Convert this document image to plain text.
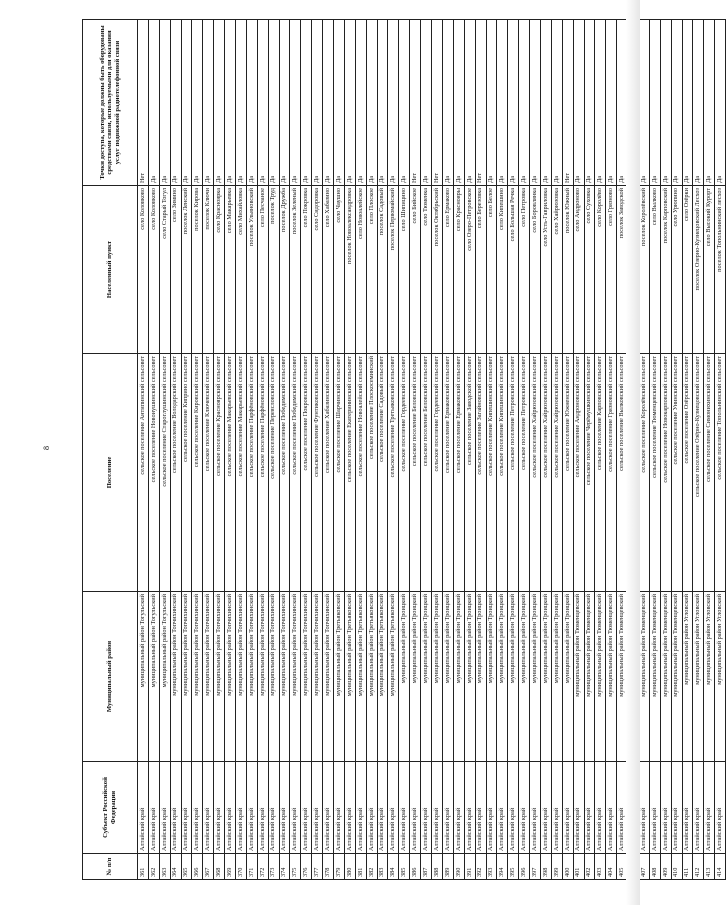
8
№ п/п	Субъект Российской Федерации	Муниципальный район	Поселение	Населенный пункт	Точки доступа, которые должны быть оборудованы средствами связи, используемыми для оказания услуг подвижной радиотелефонной связи
361	Алтайский край	муниципальный район Тогульский	сельское поселение Антипинский сельсовет	село Коловково	Нет
362	Алтайский край	муниципальный район Тогульский	сельское поселение Новоиушинский сельсовет	село Коловково	Да
363	Алтайский край	муниципальный район Тогульский	сельское поселение Староглушинский сельсовет	село Старый Тогул	Да
364	Алтайский край	муниципальный район Топчихинский	сельское поселение Володарский сельсовет	село Зимино	Да
365	Алтайский край	муниципальный район Топчихинский	сельское поселение Киприно сельсовет	поселок Ленский	Да
366	Алтайский край	муниципальный район Топчихинский	сельское поселение Кировский сельсовет	поселок Кирова	Да
367	Алтайский край	муниципальный район Топчихинский	сельское поселение Ключевский сельсовет	поселок Ключи	Да
368	Алтайский край	муниципальный район Топчихинский	сельское поселение Красноярский сельсовет	село Красноярка	Да
369	Алтайский край	муниципальный район Топчихинский	сельское поселение Макарьевский сельсовет	село Макарьевка	Да
370	Алтайский край	муниципальный район Топчихинский	сельское поселение Макарьевский сельсовет	село Михайловка	Да
371	Алтайский край	муниципальный район Топчихинский	сельское поселение Парфёновский сельсовет	поселок Ульяновский	Да
372	Алтайский край	муниципальный район Топчихинский	сельское поселение Парфёновский сельсовет	село Песчаное	Да
373	Алтайский край	муниципальный район Топчихинский	сельское поселение Переясловский сельсовет	поселок Труд	Да
374	Алтайский край	муниципальный район Топчихинский	сельское поселение Победимский сельсовет	поселок Дружба	Да
375	Алтайский край	муниципальный район Топчихинский	сельское поселение Победимский сельсовет	поселок Зеленый	Да
376	Алтайский край	муниципальный район Топчихинский	сельское поселение Покровский сельсовет	село Покровка	Да
377	Алтайский край	муниципальный район Топчихинский	сельское поселение Фунтиковский сельсовет	село Сидоровка	Да
378	Алтайский край	муниципальный район Топчихинский	сельское поселение Хабазинский сельсовет	село Хабазино	Да
379	Алтайский край	муниципальный район Третьяковский	сельское поселение Шарчинский сельсовет	село Чаушно	Да
380	Алтайский край	муниципальный район Третьяковский	сельское поселение Екатерининский сельсовет	поселок Новоалександровка	Да
381	Алтайский край	муниципальный район Третьяковский	сельское поселение Новоалейский сельсовет	село Новоалейское	Да
382	Алтайский край	муниципальный район Третьяковский	сельское поселение Плоскосеминский	село Плоское	Да
383	Алтайский край	муниципальный район Третьяковский	сельское поселение Садовый сельсовет	поселок Садовый	Да
384	Алтайский край	муниципальный район Третьяковский	сельское поселение Третьяковский сельсовет	поселок Первомайский	Да
385	Алтайский край	муниципальный район Троицкий	сельское поселение Гордеевский сельсовет	село Шипицино	Да
386	Алтайский край	муниципальный район Троицкий	сельское поселение Беловский сельсовет	село Бийское	Нет
387	Алтайский край	муниципальный район Троицкий	сельское поселение Беловский сельсовет	село Тюменка	Да
388	Алтайский край	муниципальный район Троицкий	сельское поселение Гордеевский сельсовет	поселок Октябрьский	Нет
389	Алтайский край	муниципальный район Троицкий	сельское поселение Ермаковский сельсовет	село Ермаково	Да
390	Алтайский край	муниципальный район Троицкий	сельское поселение Ермаковский сельсовет	село Краснояры	Да
391	Алтайский край	муниципальный район Троицкий	сельское поселение Заводской сельсовет	село Озеро-Петровское	Да
392	Алтайский край	муниципальный район Троицкий	сельское поселение Загайновский сельсовет	село Березовка	Нет
393	Алтайский край	муниципальный район Троицкий	сельское поселение Кипешинский сельсовет	село Белое	Да
394	Алтайский край	муниципальный район Троицкий	сельское поселение Кипешинский сельсовет	село Кипешино	Да
395	Алтайский край	муниципальный район Троицкий	сельское поселение Петровский сельсовет	село Большая Речка	Да
396	Алтайский край	муниципальный район Троицкий	сельское поселение Петровский сельсовет	село Петровка	Да
397	Алтайский край	муниципальный район Троицкий	сельское поселение Хайрюзовский сельсовет	село Боровлянка	Да
398	Алтайский край	муниципальный район Троицкий	сельское поселение Хайрюзовский сельсовет	село Усть-Гавриловка	Да
399	Алтайский край	муниципальный район Троицкий	сельское поселение Хайрюзовский сельсовет	село Хайрюзовка	Да
400	Алтайский край	муниципальный район Троицкий	сельское поселение Южненский сельсовет	поселок Южный	Нет
401	Алтайский край	муниципальный район Тюменцевский	сельское поселение Андроновский сельсовет	село Андроново	Да
402	Алтайский край	муниципальный район Тюменцевский	сельское поселение Черёмушкинский сельсовет	село Суховка	Да
403	Алтайский край	муниципальный район Тюменцевский	сельское поселение Карповский сельсовет	село Королёво	Да
404	Алтайский край	муниципальный район Тюменцевский	сельское поселение Грязновский сельсовет	село Грязново	Да
405	Алтайский край	муниципальный район Тюменцевский	сельское поселение Вылковский сельсовет	поселок Заводской	Да

407	Алтайский край	муниципальный район Тюменцевский	сельское поселение Королёвский сельсовет	поселок Королёвский	Да
408	Алтайский край	муниципальный район Тюменцевский	сельское поселение Тюменцевский сельсовет	село Вылково	Да
409	Алтайский край	муниципальный район Тюменцевский	сельское поселение Новокарповский сельсовет	поселок Карповский	Да
410	Алтайский край	муниципальный район Тюменцевский	сельское поселение Унинский сельсовет	село Урюпино	Да
411	Алтайский край	муниципальный район Угловский	сельское поселение Озёрский сельсовет	село Озёрки	Да
412	Алтайский край	муниципальный район Угловский	сельское поселение Озёрно-Кузнецовский сельсовет	поселок Озерно-Кузнецовский Лесхоз	Да
413	Алтайский край	муниципальный район Угловский	сельское поселение Симонихинский сельсовет	село Высокий Курорт	Да
414	Алтайский край	муниципальный район Угловский	сельское поселение Топольнинский сельсовет	поселок Топольнинский лесхоз	Да
